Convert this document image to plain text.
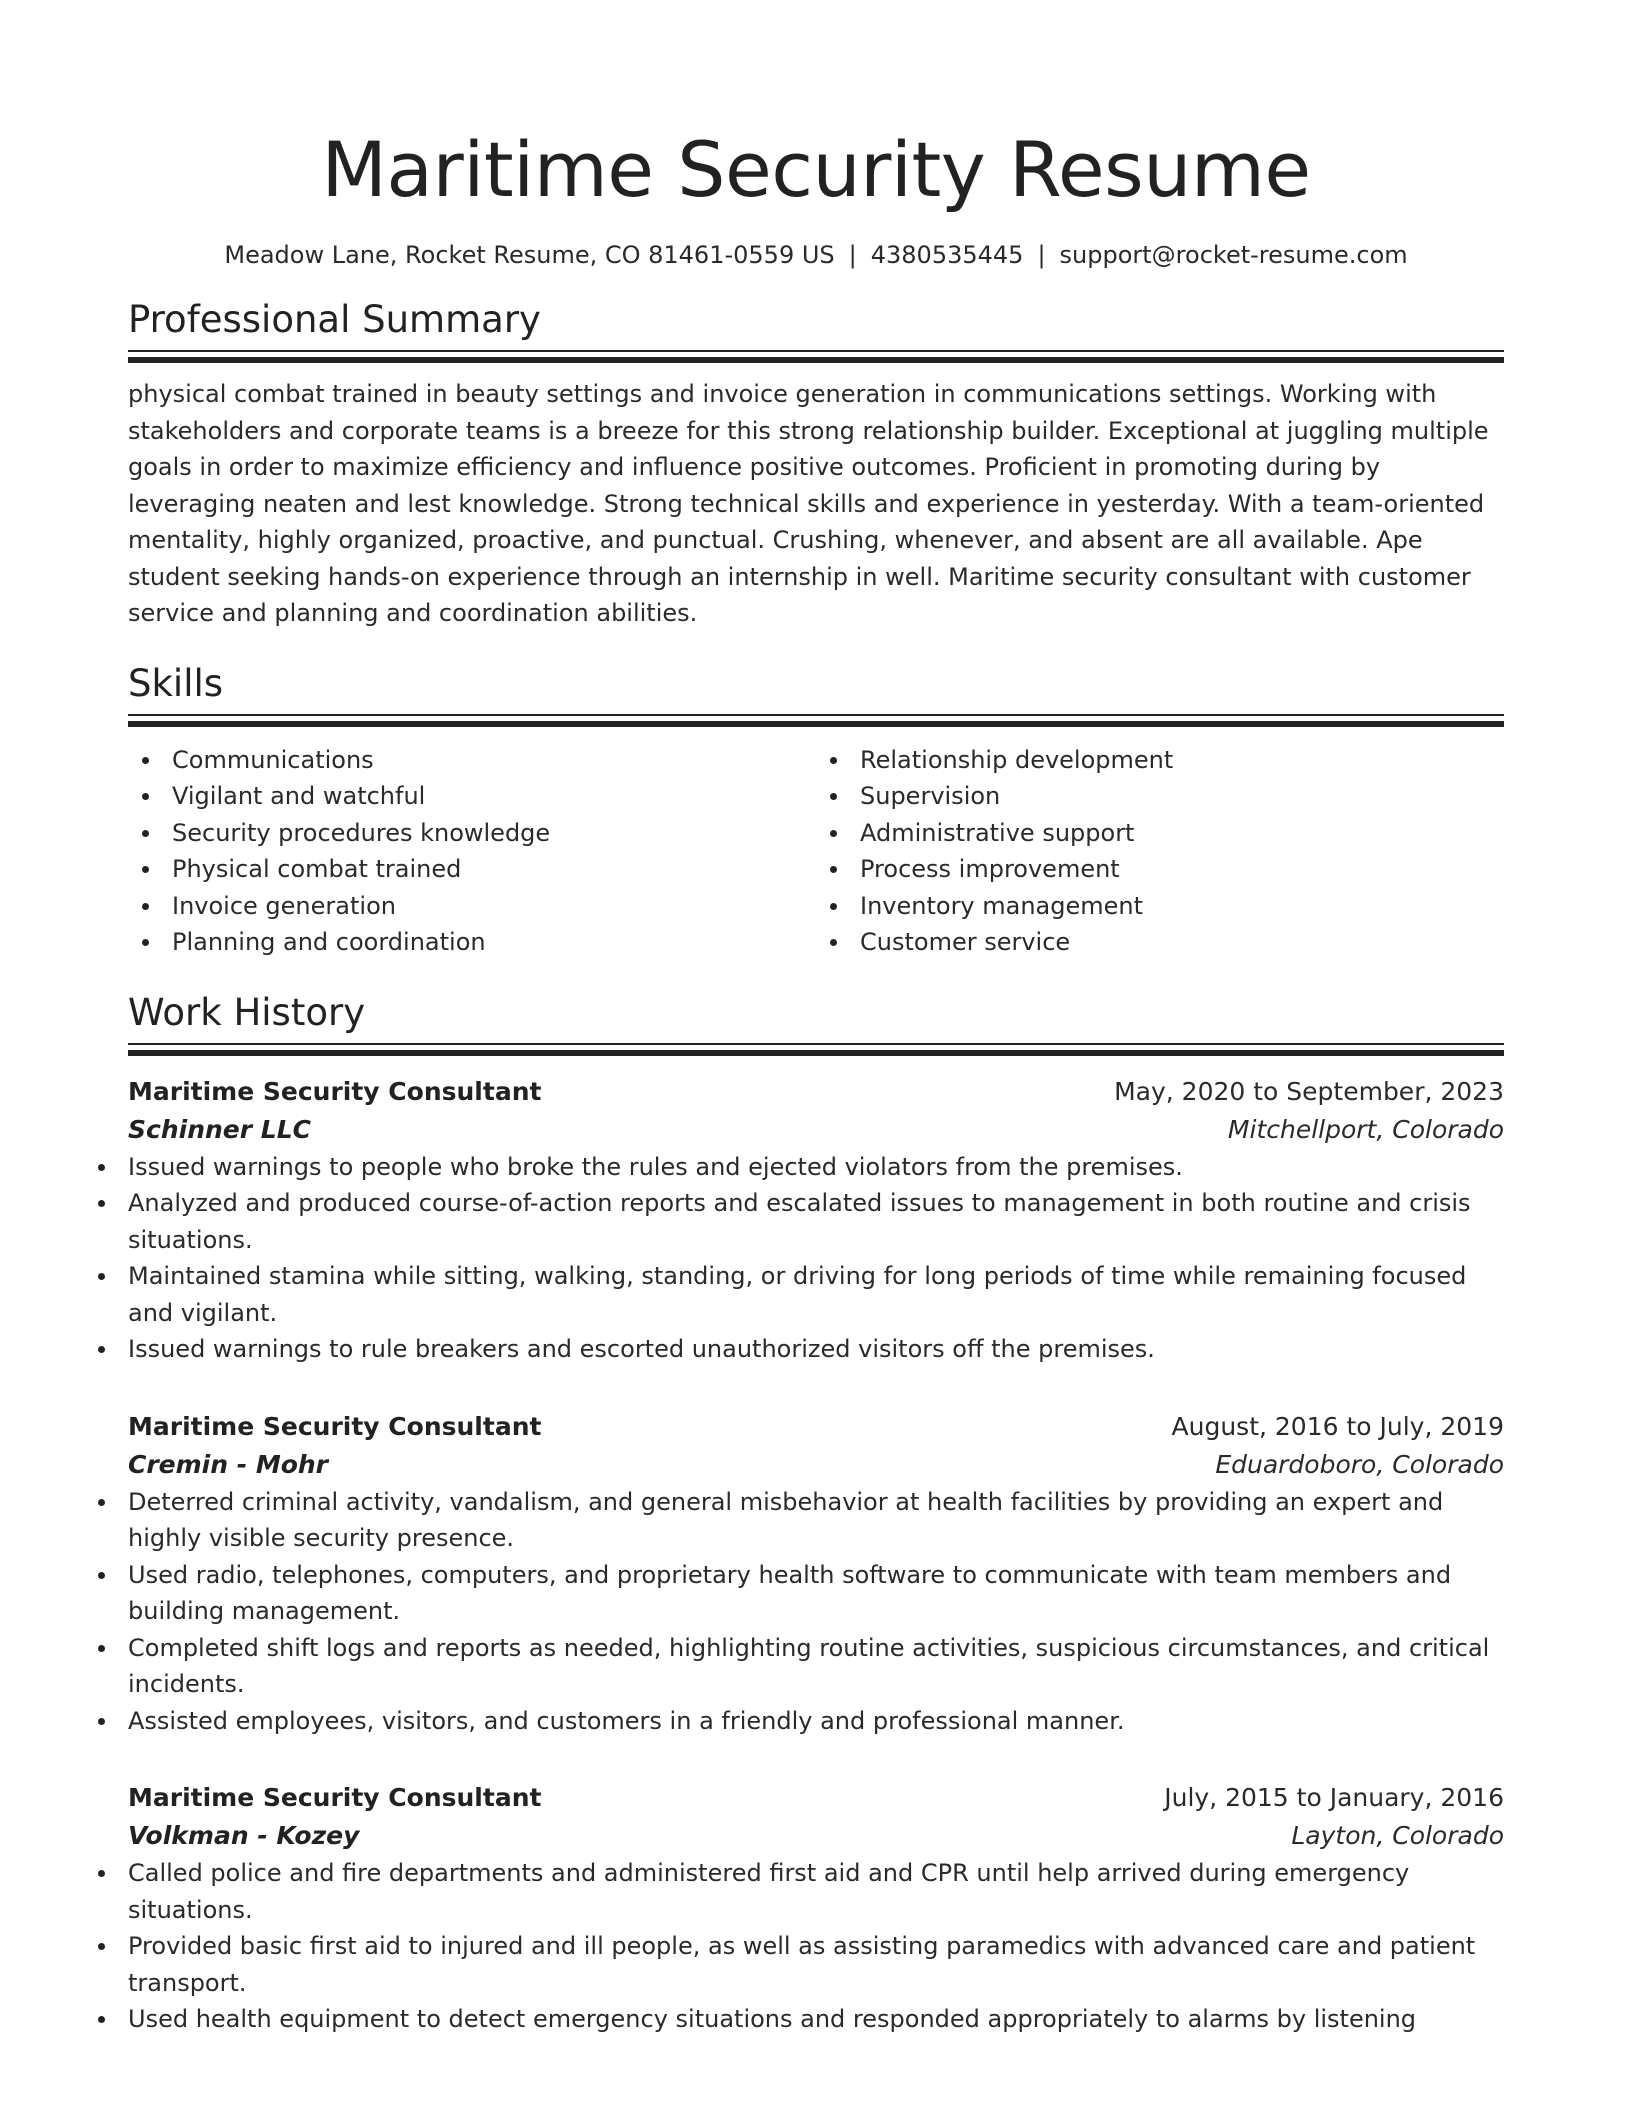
Maritime Security Resume
Meadow Lane, Rocket Resume, CO 81461-0559 US | 4380535445 | support@rocket-resume.com
Professional Summary

physical combat trained in beauty settings and invoice generation in communications settings. Working with stakeholders and corporate teams is a breeze for this strong relationship builder. Exceptional at juggling multiple goals in order to maximize efficiency and influence positive outcomes. Proficient in promoting during by leveraging neaten and lest knowledge. Strong technical skills and experience in yesterday. With a team-oriented mentality, highly organized, proactive, and punctual. Crushing, whenever, and absent are all available. Ape student seeking hands-on experience through an internship in well. Maritime security consultant with customer service and planning and coordination abilities.

Skills
Communications
Vigilant and watchful
Security procedures knowledge
Physical combat trained
Invoice generation
Planning and coordination
Relationship development
Supervision
Administrative support
Process improvement
Inventory management
Customer service
Work History
Maritime Security Consultant	May, 2020 to September, 2023
Schinner LLC	Mitchellport, Colorado
Issued warnings to people who broke the rules and ejected violators from the premises.
Analyzed and produced course-of-action reports and escalated issues to management in both routine and crisis situations.
Maintained stamina while sitting, walking, standing, or driving for long periods of time while remaining focused and vigilant.
Issued warnings to rule breakers and escorted unauthorized visitors off the premises.
Maritime Security Consultant	August, 2016 to July, 2019
Cremin - Mohr	Eduardoboro, Colorado
Deterred criminal activity, vandalism, and general misbehavior at health facilities by providing an expert and highly visible security presence.
Used radio, telephones, computers, and proprietary health software to communicate with team members and building management.
Completed shift logs and reports as needed, highlighting routine activities, suspicious circumstances, and critical incidents.
Assisted employees, visitors, and customers in a friendly and professional manner.
Maritime Security Consultant	July, 2015 to January, 2016
Volkman - Kozey	Layton, Colorado
Called police and fire departments and administered first aid and CPR until help arrived during emergency situations.
Provided basic first aid to injured and ill people, as well as assisting paramedics with advanced care and patient transport.
Used health equipment to detect emergency situations and responded appropriately to alarms by listening
